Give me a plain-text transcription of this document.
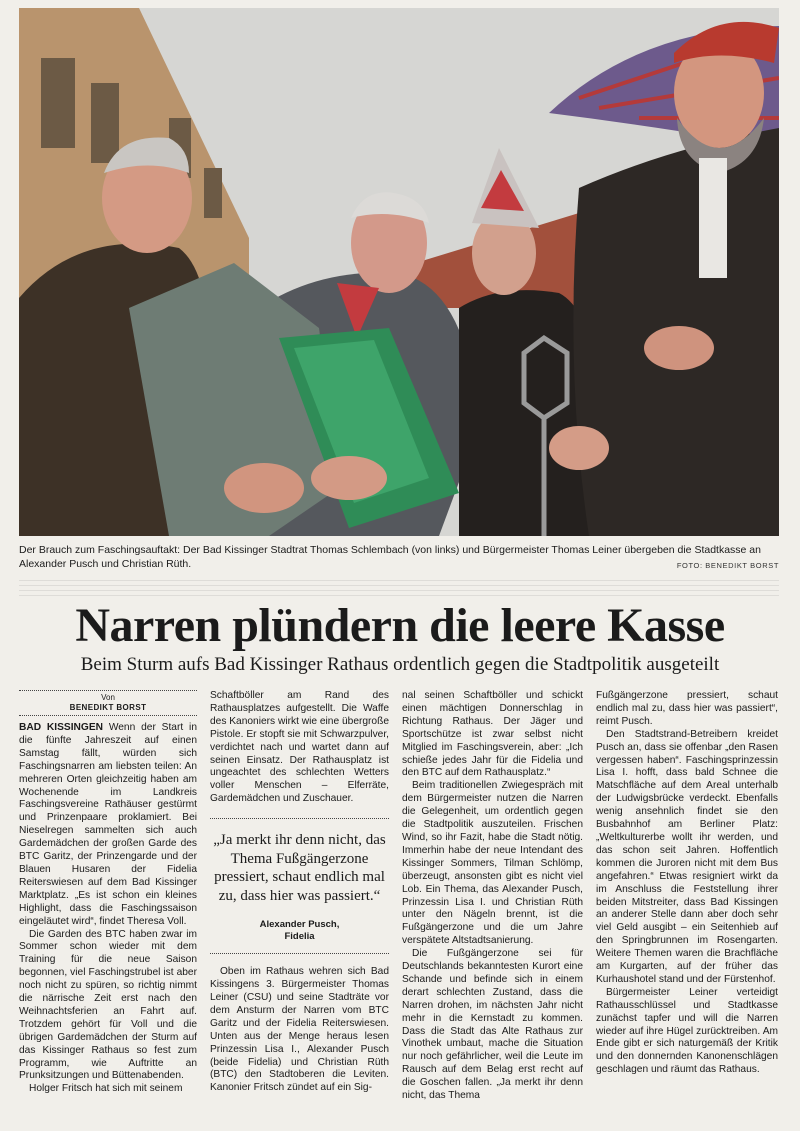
Der Brauch zum Faschingsauftakt: Der Bad Kissinger Stadtrat Thomas Schlembach (von links) und Bürgermeister Thomas Leiner übergeben die Stadtkasse an Alexander Pusch und Christian Rüth.	FOTO: BENEDIKT BORST
Narren plündern die leere Kasse
Beim Sturm aufs Bad Kissinger Rathaus ordentlich gegen die Stadtpolitik ausgeteilt
Von
BENEDIKT BORST

BAD KISSINGEN Wenn der Start in die fünfte Jahreszeit auf einen Samstag fällt, würden sich Faschingsnarren am liebsten teilen: An mehreren Orten gleichzeitig haben am Wochenende im Landkreis Faschingsvereine Rathäuser gestürmt und Prinzenpaare proklamiert. Bei Nieselregen sammelten sich auch Gardemädchen der großen Garde des BTC Garitz, der Prinzengarde und der Blauen Husaren der Fidelia Reiterswiesen auf dem Bad Kissinger Marktplatz. „Es ist schon ein kleines Highlight, dass die Faschingssaison eingeläutet wird“, findet Theresa Voll.

Die Garden des BTC haben zwar im Sommer schon wieder mit dem Training für die neue Saison begonnen, viel Faschingstrubel ist aber noch nicht zu spüren, so richtig nimmt die närrische Zeit erst nach den Weihnachtsferien an Fahrt auf. Trotzdem gehört für Voll und die übrigen Gardemädchen der Sturm auf das Kissinger Rathaus so fest zum Programm, wie Auftritte an Prunksitzungen und Büttenabenden.

Holger Fritsch hat sich mit seinem

Schaftböller am Rand des Rathausplatzes aufgestellt. Die Waffe des Kanoniers wirkt wie eine übergroße Pistole. Er stopft sie mit Schwarzpulver, verdichtet nach und wartet dann auf seinen Einsatz. Der Rathausplatz ist ungeachtet des schlechten Wetters voller Menschen – Elferräte, Gardemädchen und Zuschauer.

„Ja merkt ihr denn nicht, das Thema Fußgängerzone pressiert, schaut endlich mal zu, dass hier was passiert.“
Alexander Pusch,
Fidelia

Oben im Rathaus wehren sich Bad Kissingens 3. Bürgermeister Thomas Leiner (CSU) und seine Stadträte vor dem Ansturm der Narren vom BTC Garitz und der Fidelia Reiterswiesen. Unten aus der Menge heraus lesen Prinzessin Lisa I., Alexander Pusch (beide Fidelia) und Christian Rüth (BTC) den Stadtoberen die Leviten. Kanonier Fritsch zündet auf ein Sig-

nal seinen Schaftböller und schickt einen mächtigen Donnerschlag in Richtung Rathaus. Der Jäger und Sportschütze ist zwar selbst nicht Mitglied im Faschingsverein, aber: „Ich schieße jedes Jahr für die Fidelia und den BTC auf dem Rathausplatz.“

Beim traditionellen Zwiegespräch mit dem Bürgermeister nutzen die Narren die Gelegenheit, um ordentlich gegen die Stadtpolitik auszuteilen. Frischen Wind, so ihr Fazit, habe die Stadt nötig. Immerhin habe der neue Intendant des Kissinger Sommers, Tilman Schlömp, überzeugt, ansonsten gibt es nicht viel Lob. Ein Thema, das Alexander Pusch, Prinzessin Lisa I. und Christian Rüth unter den Nägeln brennt, ist die Fußgängerzone und die um Jahre verspätete Altstadtsanierung.

Die Fußgängerzone sei für Deutschlands bekanntesten Kurort eine Schande und befinde sich in einem derart schlechten Zustand, dass die Narren drohen, im nächsten Jahr nicht mehr in die Kernstadt zu kommen. Dass die Stadt das Alte Rathaus zur Vinothek umbaut, mache die Situation nur noch gefährlicher, weil die Leute im Rausch auf dem Belag erst recht auf die Goschen fallen. „Ja merkt ihr denn nicht, das Thema

Fußgängerzone pressiert, schaut endlich mal zu, dass hier was passiert“, reimt Pusch.

Den Stadtstrand-Betreibern kreidet Pusch an, dass sie offenbar „den Rasen vergessen haben“. Faschingsprinzessin Lisa I. hofft, dass bald Schnee die Matschfläche auf dem Areal unterhalb der Ludwigsbrücke verdeckt. Ebenfalls wenig ansehnlich findet sie den Busbahnhof am Berliner Platz: „Weltkulturerbe wollt ihr werden, und das schon seit Jahren. Hoffentlich kommen die Juroren nicht mit dem Bus angefahren.“ Etwas resigniert wirkt da im Anschluss die Feststellung ihrer beiden Mitstreiter, dass Bad Kissingen an anderer Stelle dann aber doch sehr viel Geld ausgibt – ein Seitenhieb auf den Springbrunnen im Rosengarten. Weitere Themen waren die Brachfläche am Kurgarten, auf der früher das Kurhaushotel stand und der Fürstenhof.

Bürgermeister Leiner verteidigt Rathausschlüssel und Stadtkasse zunächst tapfer und will die Narren wieder auf ihre Hügel zurücktreiben. Am Ende gibt er sich naturgemäß der Kritik und den donnernden Kanonenschlägen geschlagen und räumt das Rathaus.
